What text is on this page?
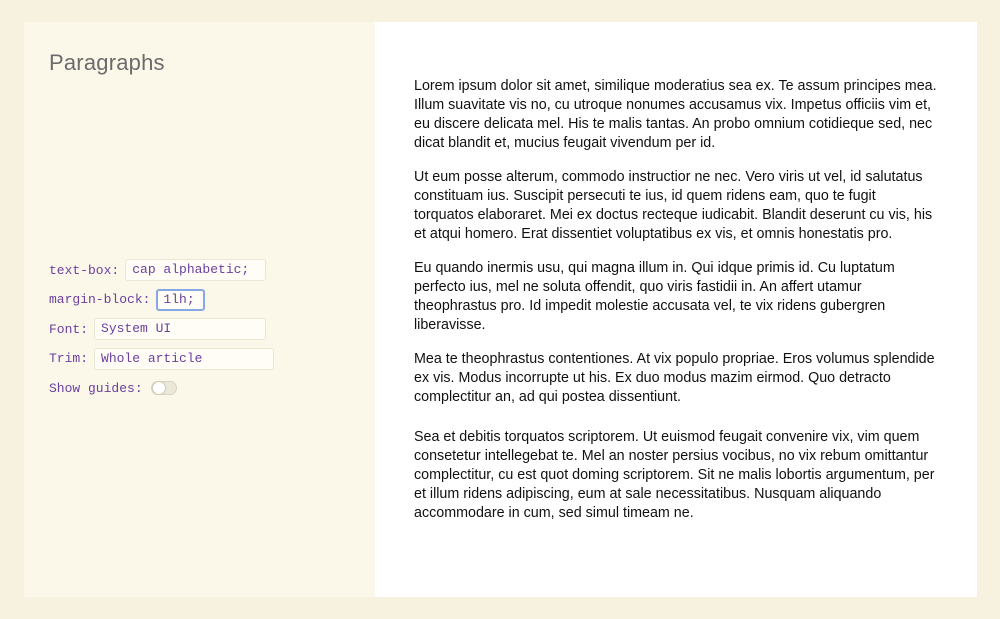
Paragraphs
text-box:	cap alphabetic;
margin-block:	1lh;
Font:	System UI
Trim:	Whole article
Show guides:

Lorem ipsum dolor sit amet, similique moderatius sea ex. Te assum principes mea. Illum suavitate vis no, cu utroque nonumes accusamus vix. Impetus officiis vim et, eu discere delicata mel. His te malis tantas. An probo omnium cotidieque sed, nec dicat blandit et, mucius feugait vivendum per id.

Ut eum posse alterum, commodo instructior ne nec. Vero viris ut vel, id salutatus constituam ius. Suscipit persecuti te ius, id quem ridens eam, quo te fugit torquatos elaboraret. Mei ex doctus recteque iudicabit. Blandit deserunt cu vis, his et atqui homero. Erat dissentiet voluptatibus ex vis, et omnis honestatis pro.

Eu quando inermis usu, qui magna illum in. Qui idque primis id. Cu luptatum perfecto ius, mel ne soluta offendit, quo viris fastidii in. An affert utamur theophrastus pro. Id impedit molestie accusata vel, te vix ridens gubergren liberavisse.

Mea te theophrastus contentiones. At vix populo propriae. Eros volumus splendide ex vis. Modus incorrupte ut his. Ex duo modus mazim eirmod. Quo detracto complectitur an, ad qui postea dissentiunt.

Sea et debitis torquatos scriptorem. Ut euismod feugait convenire vix, vim quem consetetur intellegebat te. Mel an noster persius vocibus, no vix rebum omittantur complectitur, cu est quot doming scriptorem. Sit ne malis lobortis argumentum, per et illum ridens adipiscing, eum at sale necessitatibus. Nusquam aliquando accommodare in cum, sed simul timeam ne.
